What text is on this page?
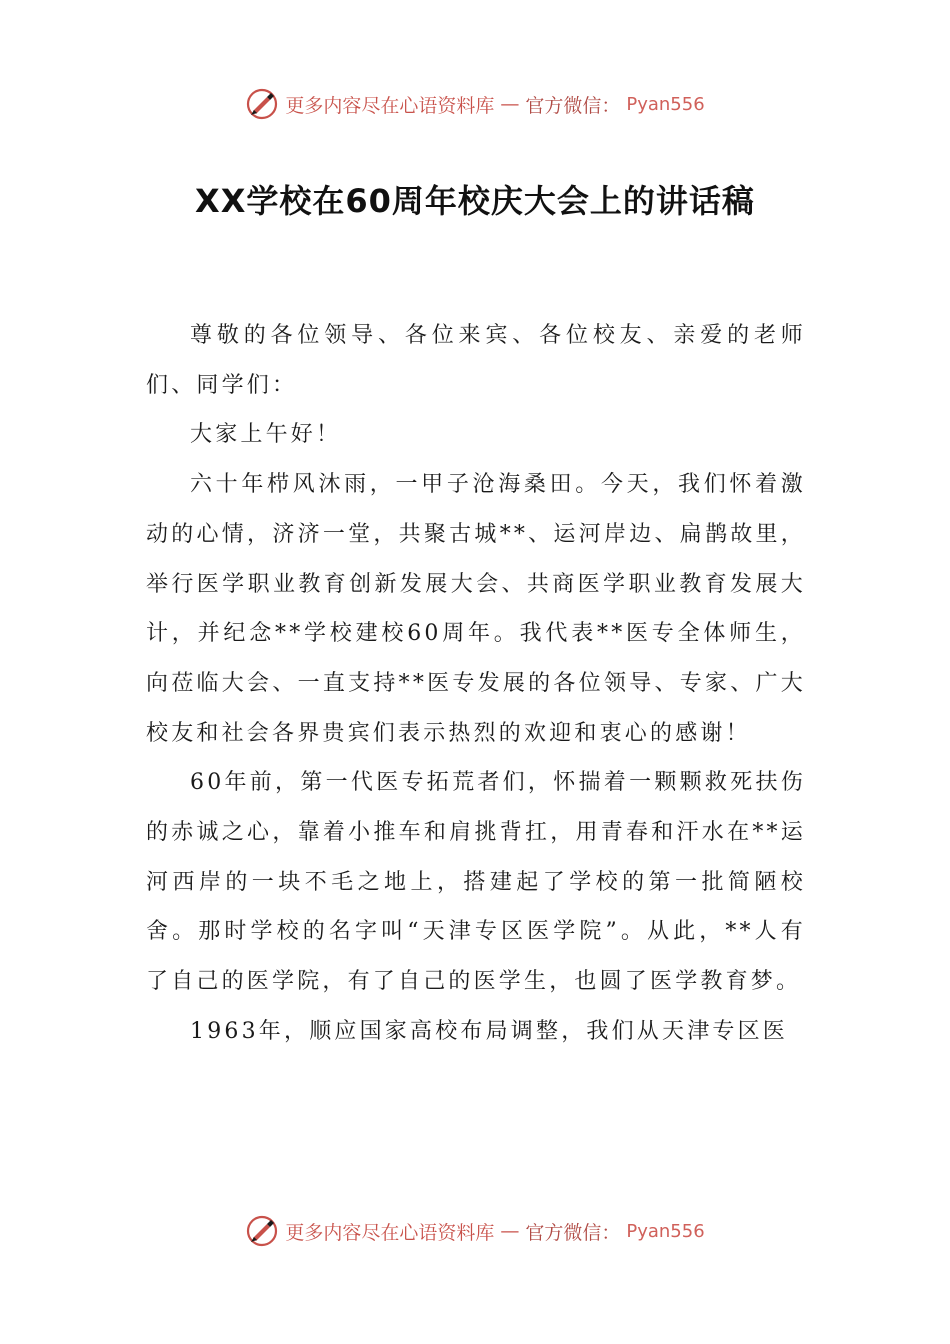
更多内容尽在心语资料库 — 官方微信： Pyan556
XX学校在60周年校庆大会上的讲话稿

尊敬的各位领导、各位来宾、各位校友、亲爱的老师们、同学们：

大家上午好！

六十年栉风沐雨，一甲子沧海桑田。今天，我们怀着激动的心情，济济一堂，共聚古城**、运河岸边、扁鹊故里，举行医学职业教育创新发展大会、共商医学职业教育发展大计，并纪念**学校建校60周年。我代表**医专全体师生，向莅临大会、一直支持**医专发展的各位领导、专家、广大校友和社会各界贵宾们表示热烈的欢迎和衷心的感谢！

60年前，第一代医专拓荒者们，怀揣着一颗颗救死扶伤的赤诚之心，靠着小推车和肩挑背扛，用青春和汗水在**运河西岸的一块不毛之地上，搭建起了学校的第一批简陋校舍。那时学校的名字叫“天津专区医学院”。从此，**人有了自己的医学院，有了自己的医学生，也圆了医学教育梦。

1963年，顺应国家高校布局调整，我们从天津专区医

更多内容尽在心语资料库 — 官方微信： Pyan556
